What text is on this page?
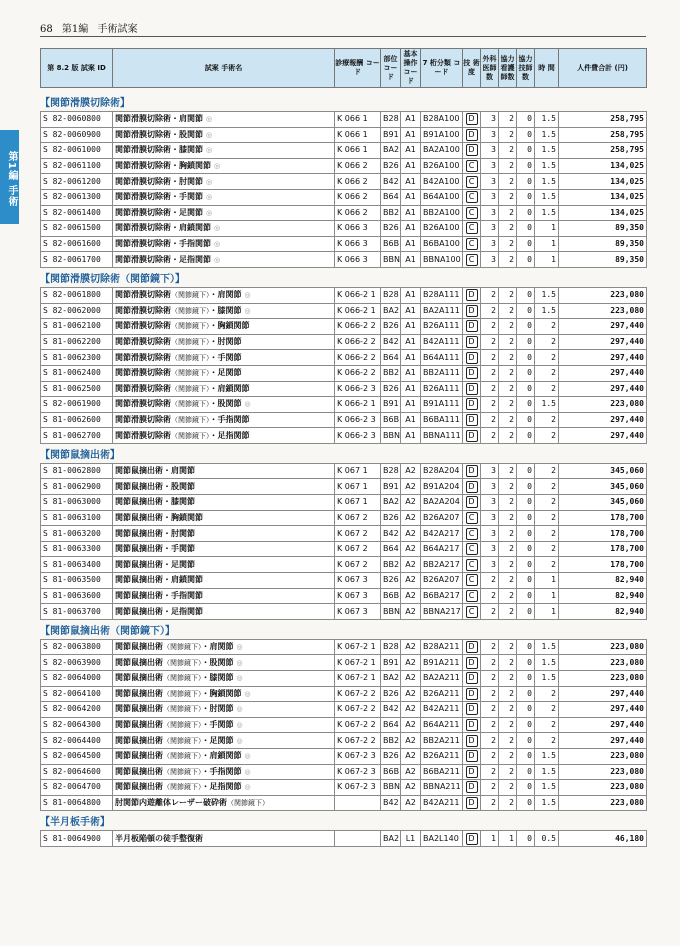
68 第1編 手術試案
第1編 手術
第 8.2 版 試案 ID	試案 手術名	診療報酬 コード	部位 コード	基本 操作 コード	7 桁分類 コード	技 術 度	外科 医師 数	協力 看護 師数	協力 技師 数	時 間	人件費合計 (円)
【関節滑膜切除術】
S 82-0060800	関節滑膜切除術・肩関節 ◎	K 066 1	B28	A1	B28A100	D	3	2	0	1.5	258,795
S 82-0060900	関節滑膜切除術・股関節 ◎	K 066 1	B91	A1	B91A100	D	3	2	0	1.5	258,795
S 82-0061000	関節滑膜切除術・膝関節 ◎	K 066 1	BA2	A1	BA2A100	D	3	2	0	1.5	258,795
S 82-0061100	関節滑膜切除術・胸鎖関節 ◎	K 066 2	B26	A1	B26A100	C	3	2	0	1.5	134,025
S 82-0061200	関節滑膜切除術・肘関節 ◎	K 066 2	B42	A1	B42A100	C	3	2	0	1.5	134,025
S 82-0061300	関節滑膜切除術・手関節 ◎	K 066 2	B64	A1	B64A100	C	3	2	0	1.5	134,025
S 82-0061400	関節滑膜切除術・足関節 ◎	K 066 2	BB2	A1	BB2A100	C	3	2	0	1.5	134,025
S 82-0061500	関節滑膜切除術・肩鎖関節 ◎	K 066 3	B26	A1	B26A100	C	3	2	0	1	89,350
S 82-0061600	関節滑膜切除術・手指関節 ◎	K 066 3	B6B	A1	B6BA100	C	3	2	0	1	89,350
S 82-0061700	関節滑膜切除術・足指関節 ◎	K 066 3	BBN	A1	BBNA100	C	3	2	0	1	89,350
【関節滑膜切除術（関節鏡下）】
S 82-0061800	関節滑膜切除術（関節鏡下）・肩関節 ◎	K 066-2 1	B28	A1	B28A111	D	2	2	0	1.5	223,080
S 82-0062000	関節滑膜切除術（関節鏡下）・膝関節 ◎	K 066-2 1	BA2	A1	BA2A111	D	2	2	0	1.5	223,080
S 81-0062100	関節滑膜切除術（関節鏡下）・胸鎖関節	K 066-2 2	B26	A1	B26A111	D	2	2	0	2	297,440
S 81-0062200	関節滑膜切除術（関節鏡下）・肘関節	K 066-2 2	B42	A1	B42A111	D	2	2	0	2	297,440
S 81-0062300	関節滑膜切除術（関節鏡下）・手関節	K 066-2 2	B64	A1	B64A111	D	2	2	0	2	297,440
S 81-0062400	関節滑膜切除術（関節鏡下）・足関節	K 066-2 2	BB2	A1	BB2A111	D	2	2	0	2	297,440
S 81-0062500	関節滑膜切除術（関節鏡下）・肩鎖関節	K 066-2 3	B26	A1	B26A111	D	2	2	0	2	297,440
S 82-0061900	関節滑膜切除術（関節鏡下）・股関節 ◎	K 066-2 1	B91	A1	B91A111	D	2	2	0	1.5	223,080
S 81-0062600	関節滑膜切除術（関節鏡下）・手指関節	K 066-2 3	B6B	A1	B6BA111	D	2	2	0	2	297,440
S 81-0062700	関節滑膜切除術（関節鏡下）・足指関節	K 066-2 3	BBN	A1	BBNA111	D	2	2	0	2	297,440
【関節鼠摘出術】
S 81-0062800	関節鼠摘出術・肩関節	K 067 1	B28	A2	B28A204	D	3	2	0	2	345,060
S 81-0062900	関節鼠摘出術・股関節	K 067 1	B91	A2	B91A204	D	3	2	0	2	345,060
S 81-0063000	関節鼠摘出術・膝関節	K 067 1	BA2	A2	BA2A204	D	3	2	0	2	345,060
S 81-0063100	関節鼠摘出術・胸鎖関節	K 067 2	B26	A2	B26A207	C	3	2	0	2	178,700
S 81-0063200	関節鼠摘出術・肘関節	K 067 2	B42	A2	B42A217	C	3	2	0	2	178,700
S 81-0063300	関節鼠摘出術・手関節	K 067 2	B64	A2	B64A217	C	3	2	0	2	178,700
S 81-0063400	関節鼠摘出術・足関節	K 067 2	BB2	A2	BB2A217	C	3	2	0	2	178,700
S 81-0063500	関節鼠摘出術・肩鎖関節	K 067 3	B26	A2	B26A207	C	2	2	0	1	82,940
S 81-0063600	関節鼠摘出術・手指関節	K 067 3	B6B	A2	B6BA217	C	2	2	0	1	82,940
S 81-0063700	関節鼠摘出術・足指関節	K 067 3	BBN	A2	BBNA217	C	2	2	0	1	82,940
【関節鼠摘出術（関節鏡下）】
S 82-0063800	関節鼠摘出術（関節鏡下）・肩関節 ◎	K 067-2 1	B28	A2	B28A211	D	2	2	0	1.5	223,080
S 82-0063900	関節鼠摘出術（関節鏡下）・股関節 ◎	K 067-2 1	B91	A2	B91A211	D	2	2	0	1.5	223,080
S 82-0064000	関節鼠摘出術（関節鏡下）・膝関節 ◎	K 067-2 1	BA2	A2	BA2A211	D	2	2	0	1.5	223,080
S 82-0064100	関節鼠摘出術（関節鏡下）・胸鎖関節 ◎	K 067-2 2	B26	A2	B26A211	D	2	2	0	2	297,440
S 82-0064200	関節鼠摘出術（関節鏡下）・肘関節 ◎	K 067-2 2	B42	A2	B42A211	D	2	2	0	2	297,440
S 82-0064300	関節鼠摘出術（関節鏡下）・手関節 ◎	K 067-2 2	B64	A2	B64A211	D	2	2	0	2	297,440
S 82-0064400	関節鼠摘出術（関節鏡下）・足関節 ◎	K 067-2 2	BB2	A2	BB2A211	D	2	2	0	2	297,440
S 82-0064500	関節鼠摘出術（関節鏡下）・肩鎖関節 ◎	K 067-2 3	B26	A2	B26A211	D	2	2	0	1.5	223,080
S 82-0064600	関節鼠摘出術（関節鏡下）・手指関節 ◎	K 067-2 3	B6B	A2	B6BA211	D	2	2	0	1.5	223,080
S 82-0064700	関節鼠摘出術（関節鏡下）・足指関節 ◎	K 067-2 3	BBN	A2	BBNA211	D	2	2	0	1.5	223,080
S 81-0064800	肘関節内遊離体レーザー破砕術（関節鏡下）		B42	A2	B42A211	D	2	2	0	1.5	223,080
【半月板手術】
S 81-0064900	半月板陥頓の徒手整復術		BA2	L1	BA2L140	D	1	1	0	0.5	46,180
